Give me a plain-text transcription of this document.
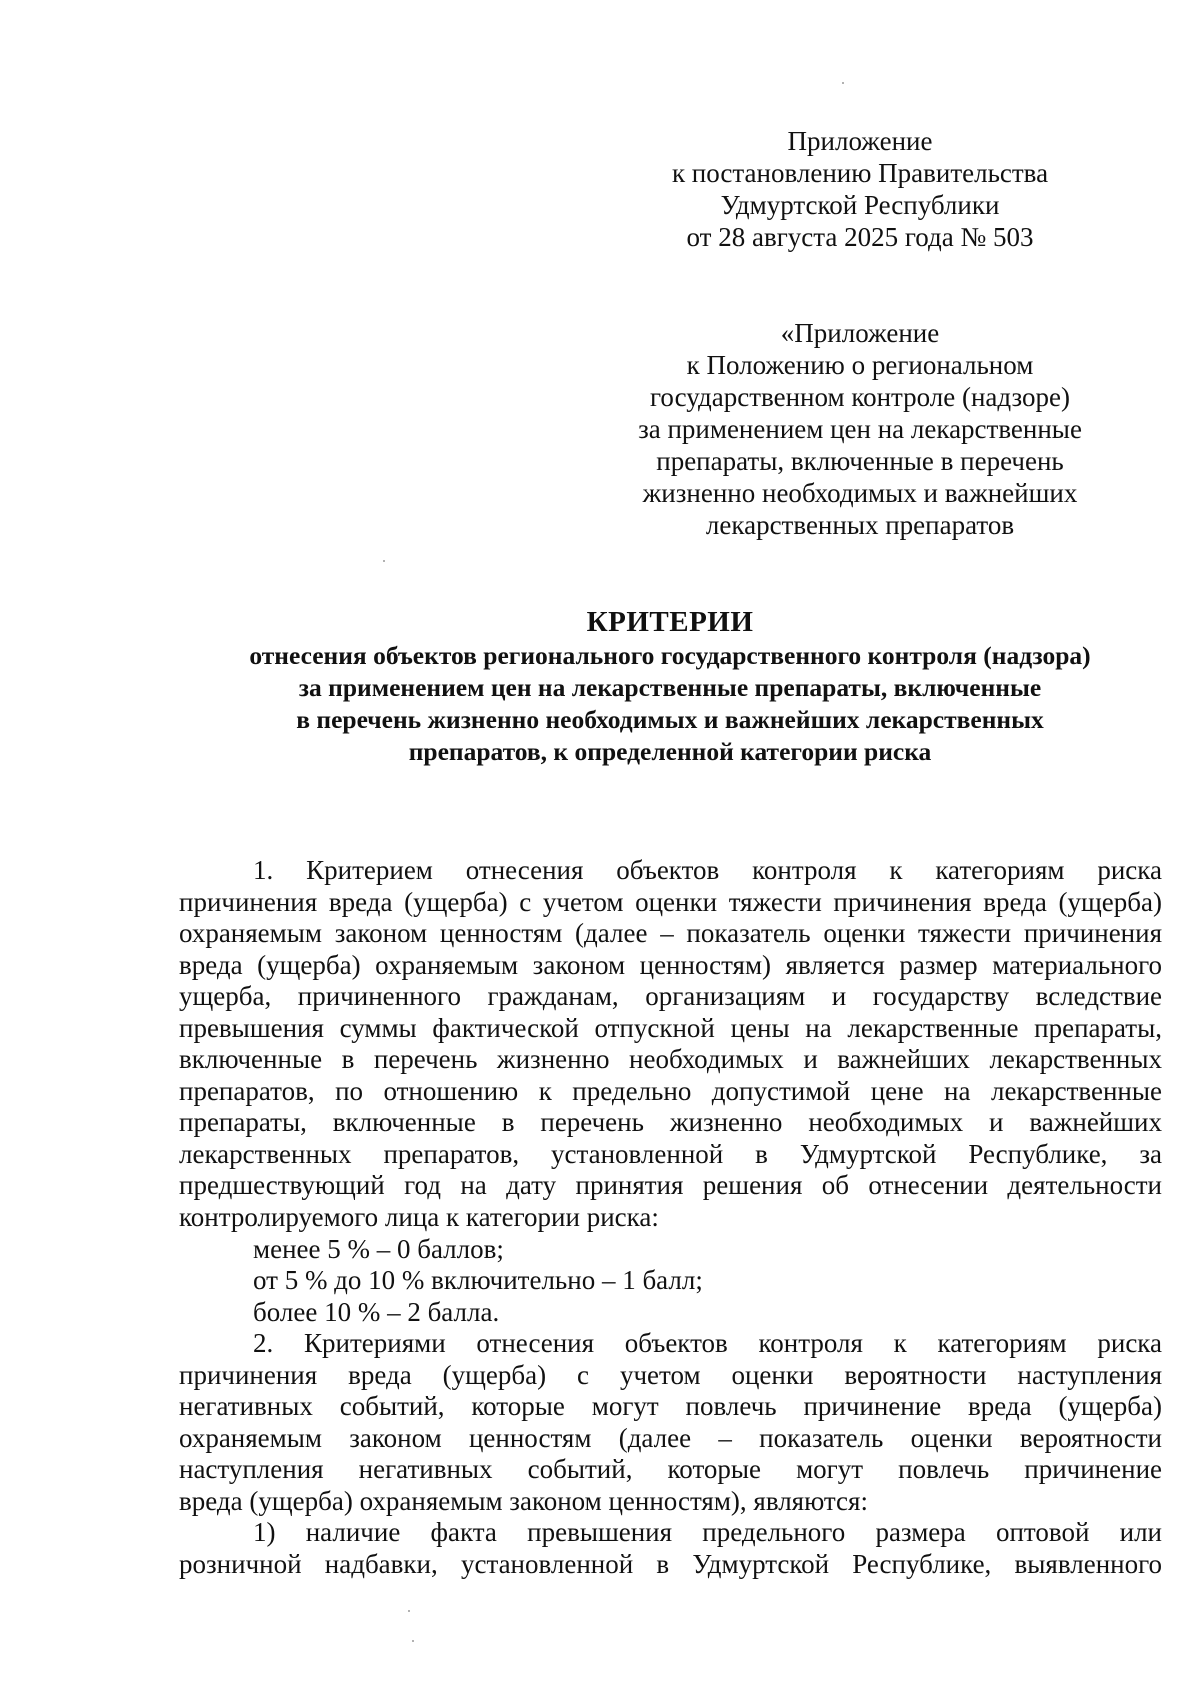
Приложение
к постановлению Правительства
Удмуртской Республики
от 28 августа 2025 года № 503
«Приложение
к Положению о региональном
государственном контроле (надзоре)
за применением цен на лекарственные
препараты, включенные в перечень
жизненно необходимых и важнейших
лекарственных препаратов
КРИТЕРИИ
отнесения объектов регионального государственного контроля (надзора)
за применением цен на лекарственные препараты, включенные
в перечень жизненно необходимых и важнейших лекарственных
препаратов, к определенной категории риска
1. Критерием отнесения объектов контроля к категориям риска
причинения вреда (ущерба) с учетом оценки тяжести причинения вреда (ущерба)
охраняемым законом ценностям (далее – показатель оценки тяжести причинения
вреда (ущерба) охраняемым законом ценностям) является размер материального
ущерба, причиненного гражданам, организациям и государству вследствие
превышения суммы фактической отпускной цены на лекарственные препараты,
включенные в перечень жизненно необходимых и важнейших лекарственных
препаратов, по отношению к предельно допустимой цене на лекарственные
препараты, включенные в перечень жизненно необходимых и важнейших
лекарственных препаратов, установленной в Удмуртской Республике, за
предшествующий год на дату принятия решения об отнесении деятельности
контролируемого лица к категории риска:
менее 5 % – 0 баллов;
от 5 % до 10 % включительно – 1 балл;
более 10 % – 2 балла.
2. Критериями отнесения объектов контроля к категориям риска
причинения вреда (ущерба) с учетом оценки вероятности наступления
негативных событий, которые могут повлечь причинение вреда (ущерба)
охраняемым законом ценностям (далее – показатель оценки вероятности
наступления негативных событий, которые могут повлечь причинение
вреда (ущерба) охраняемым законом ценностям), являются:
1) наличие факта превышения предельного размера оптовой или
розничной надбавки, установленной в Удмуртской Республике, выявленного
